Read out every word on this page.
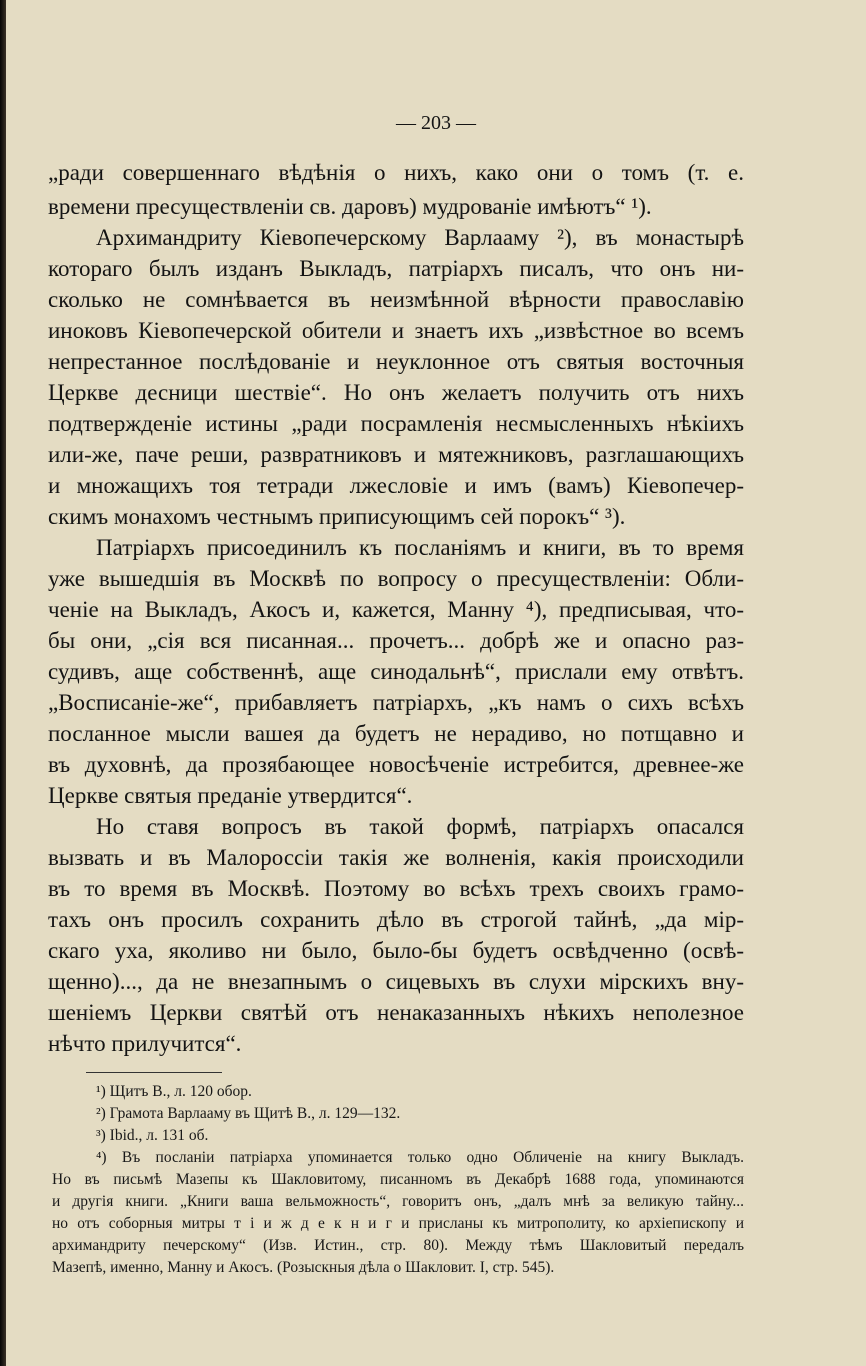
— 203 —
„ради совершеннаго вѣдѣнія о нихъ, како они о томъ (т. е.
времени пресуществленіи св. даровъ) мудрованіе имѣютъ“ ¹).
Архимандриту Кіевопечерскому Варлааму ²), въ монастырѣ
котораго былъ изданъ Выкладъ, патріархъ писалъ, что онъ ни-
сколько не сомнѣвается въ неизмѣнной вѣрности православію
иноковъ Кіевопечерской обители и знаетъ ихъ „извѣстное во всемъ
непрестанное послѣдованіе и неуклонное отъ святыя восточныя
Церкве десници шествіе“. Но онъ желаетъ получить отъ нихъ
подтвержденіе истины „ради посрамленія несмысленныхъ нѣкіихъ
или-же, паче реши, развратниковъ и мятежниковъ, разглашающихъ
и множащихъ тоя тетради лжесловіе и имъ (вамъ) Кіевопечер-
скимъ монахомъ честнымъ приписующимъ сей порокъ“ ³).
Патріархъ присоединилъ къ посланіямъ и книги, въ то время
уже вышедшія въ Москвѣ по вопросу о пресуществленіи: Обли-
ченіе на Выкладъ, Акосъ и, кажется, Манну ⁴), предписывая, что-
бы они, „сія вся писанная... прочетъ... добрѣ же и опасно раз-
судивъ, аще собственнѣ, аще синодальнѣ“, прислали ему отвѣтъ.
„Восписаніе-же“, прибавляетъ патріархъ, „къ намъ о сихъ всѣхъ
посланное мысли вашея да будетъ не нерадиво, но потщавно и
въ духовнѣ, да прозябающее новосѣченіе истребится, древнее-же
Церкве святыя преданіе утвердится“.
Но ставя вопросъ въ такой формѣ, патріархъ опасался
вызвать и въ Малороссіи такія же волненія, какія происходили
въ то время въ Москвѣ. Поэтому во всѣхъ трехъ своихъ грамо-
тахъ онъ просилъ сохранить дѣло въ строгой тайнѣ, „да мір-
скаго уха, яколиво ни было, было-бы будетъ освѣдченно (освѣ-
щенно)..., да не внезапнымъ о сицевыхъ въ слухи мірскихъ вну-
шеніемъ Церкви святѣй отъ ненаказанныхъ нѣкихъ неполезное
нѣчто прилучится“.
¹) Щитъ В., л. 120 обор.
²) Грамота Варлааму въ Щитѣ В., л. 129—132.
³) Ibid., л. 131 об.
⁴) Въ посланіи патріарха упоминается только одно Обличеніе на книгу Выкладъ.
Но въ письмѣ Мазепы къ Шакловитому, писанномъ въ Декабрѣ 1688 года, упоминаются
и другія книги. „Книги ваша вельможность“, говоритъ онъ, „далъ мнѣ за великую тайну...
но отъ соборныя митры т і и ж д е к н и г и присланы къ митрополиту, ко архіепископу и
архимандриту печерскому“ (Изв. Истин., стр. 80). Между тѣмъ Шакловитый передалъ
Мазепѣ, именно, Манну и Акосъ. (Розыскныя дѣла о Шакловит. I, стр. 545).
